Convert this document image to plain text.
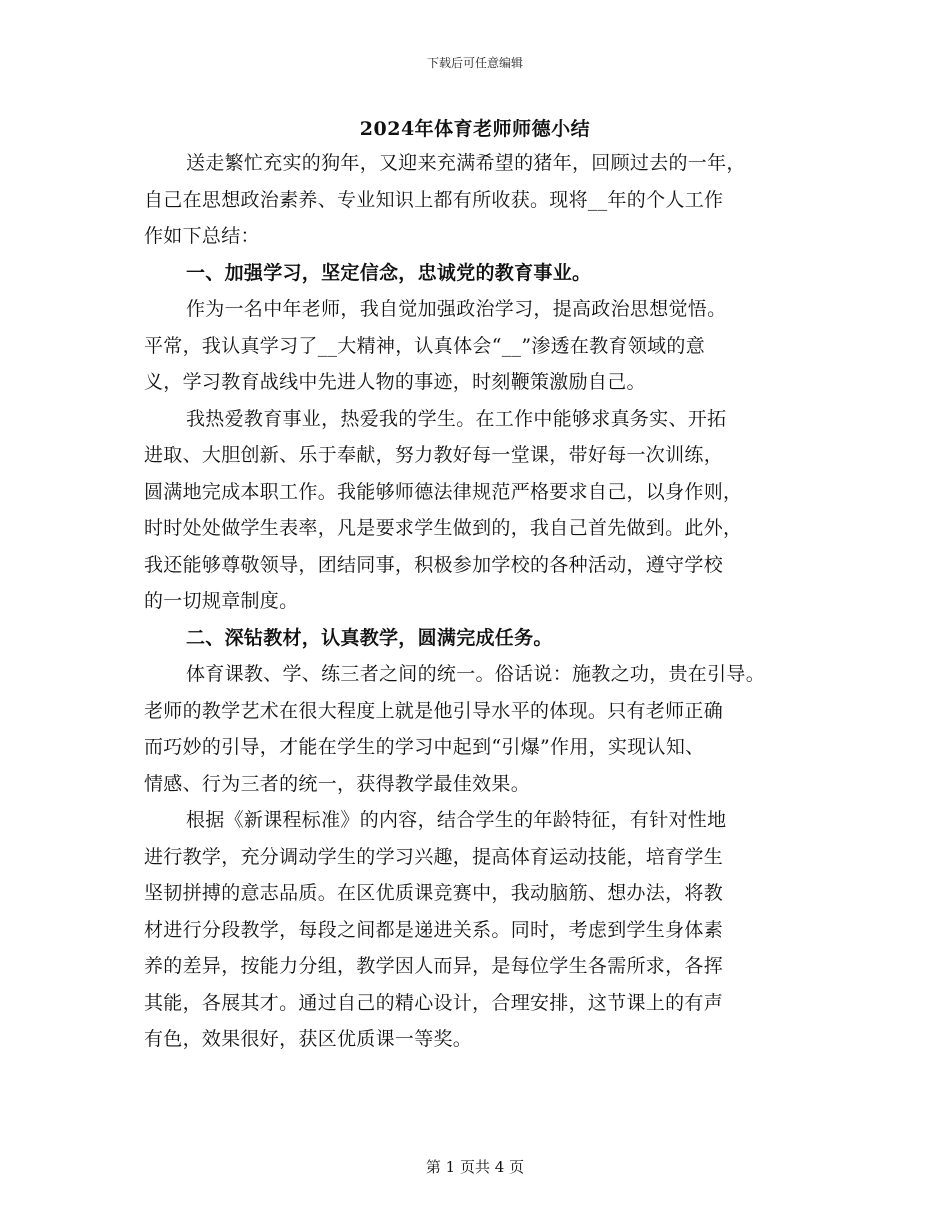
下载后可任意编辑
2024年体育老师师德小结
送走繁忙充实的狗年，又迎来充满希望的猪年，回顾过去的一年，
自己在思想政治素养、专业知识上都有所收获。现将__年的个人工作
作如下总结：
一、加强学习，坚定信念，忠诚党的教育事业。
作为一名中年老师，我自觉加强政治学习，提高政治思想觉悟。
平常，我认真学习了__大精神，认真体会“__”渗透在教育领域的意
义，学习教育战线中先进人物的事迹，时刻鞭策激励自己。
我热爱教育事业，热爱我的学生。在工作中能够求真务实、开拓
进取、大胆创新、乐于奉献，努力教好每一堂课，带好每一次训练，
圆满地完成本职工作。我能够师德法律规范严格要求自己，以身作则，
时时处处做学生表率，凡是要求学生做到的，我自己首先做到。此外，
我还能够尊敬领导，团结同事，积极参加学校的各种活动，遵守学校
的一切规章制度。
二、深钻教材，认真教学，圆满完成任务。
体育课教、学、练三者之间的统一。俗话说：施教之功，贵在引导。
老师的教学艺术在很大程度上就是他引导水平的体现。只有老师正确
而巧妙的引导，才能在学生的学习中起到“引爆”作用，实现认知、
情感、行为三者的统一，获得教学最佳效果。
根据《新课程标准》的内容，结合学生的年龄特征，有针对性地
进行教学，充分调动学生的学习兴趣，提高体育运动技能，培育学生
坚韧拼搏的意志品质。在区优质课竞赛中，我动脑筋、想办法，将教
材进行分段教学，每段之间都是递进关系。同时，考虑到学生身体素
养的差异，按能力分组，教学因人而异，是每位学生各需所求，各挥
其能，各展其才。通过自己的精心设计，合理安排，这节课上的有声
有色，效果很好，获区优质课一等奖。
第 1 页共 4 页
